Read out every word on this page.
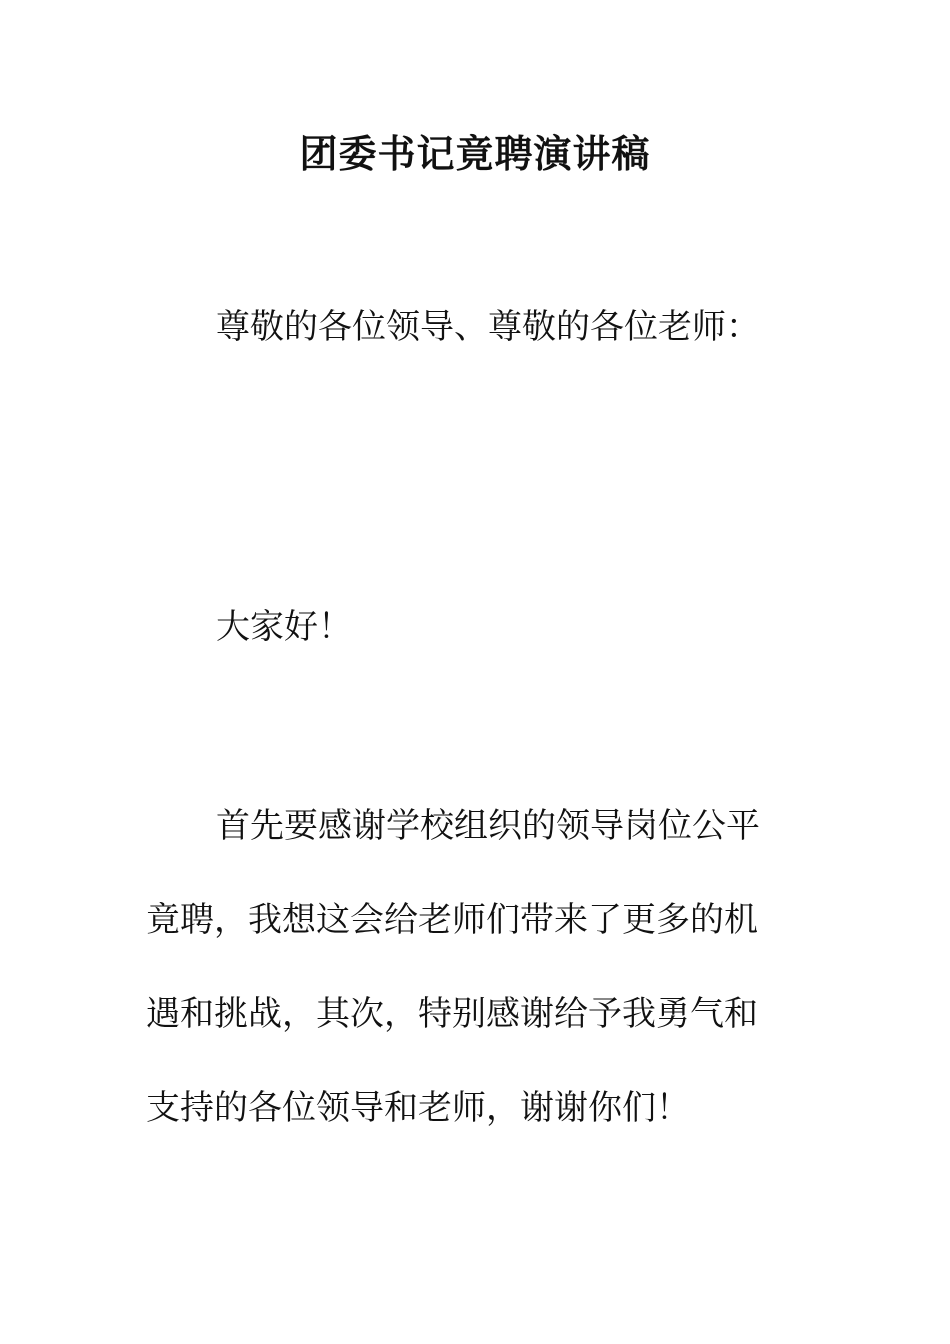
团委书记竟聘演讲稿

尊敬的各位领导、尊敬的各位老师：

大家好！

首先要感谢学校组织的领导岗位公平
竟聘，我想这会给老师们带来了更多的机
遇和挑战，其次，特别感谢给予我勇气和
支持的各位领导和老师，谢谢你们！
